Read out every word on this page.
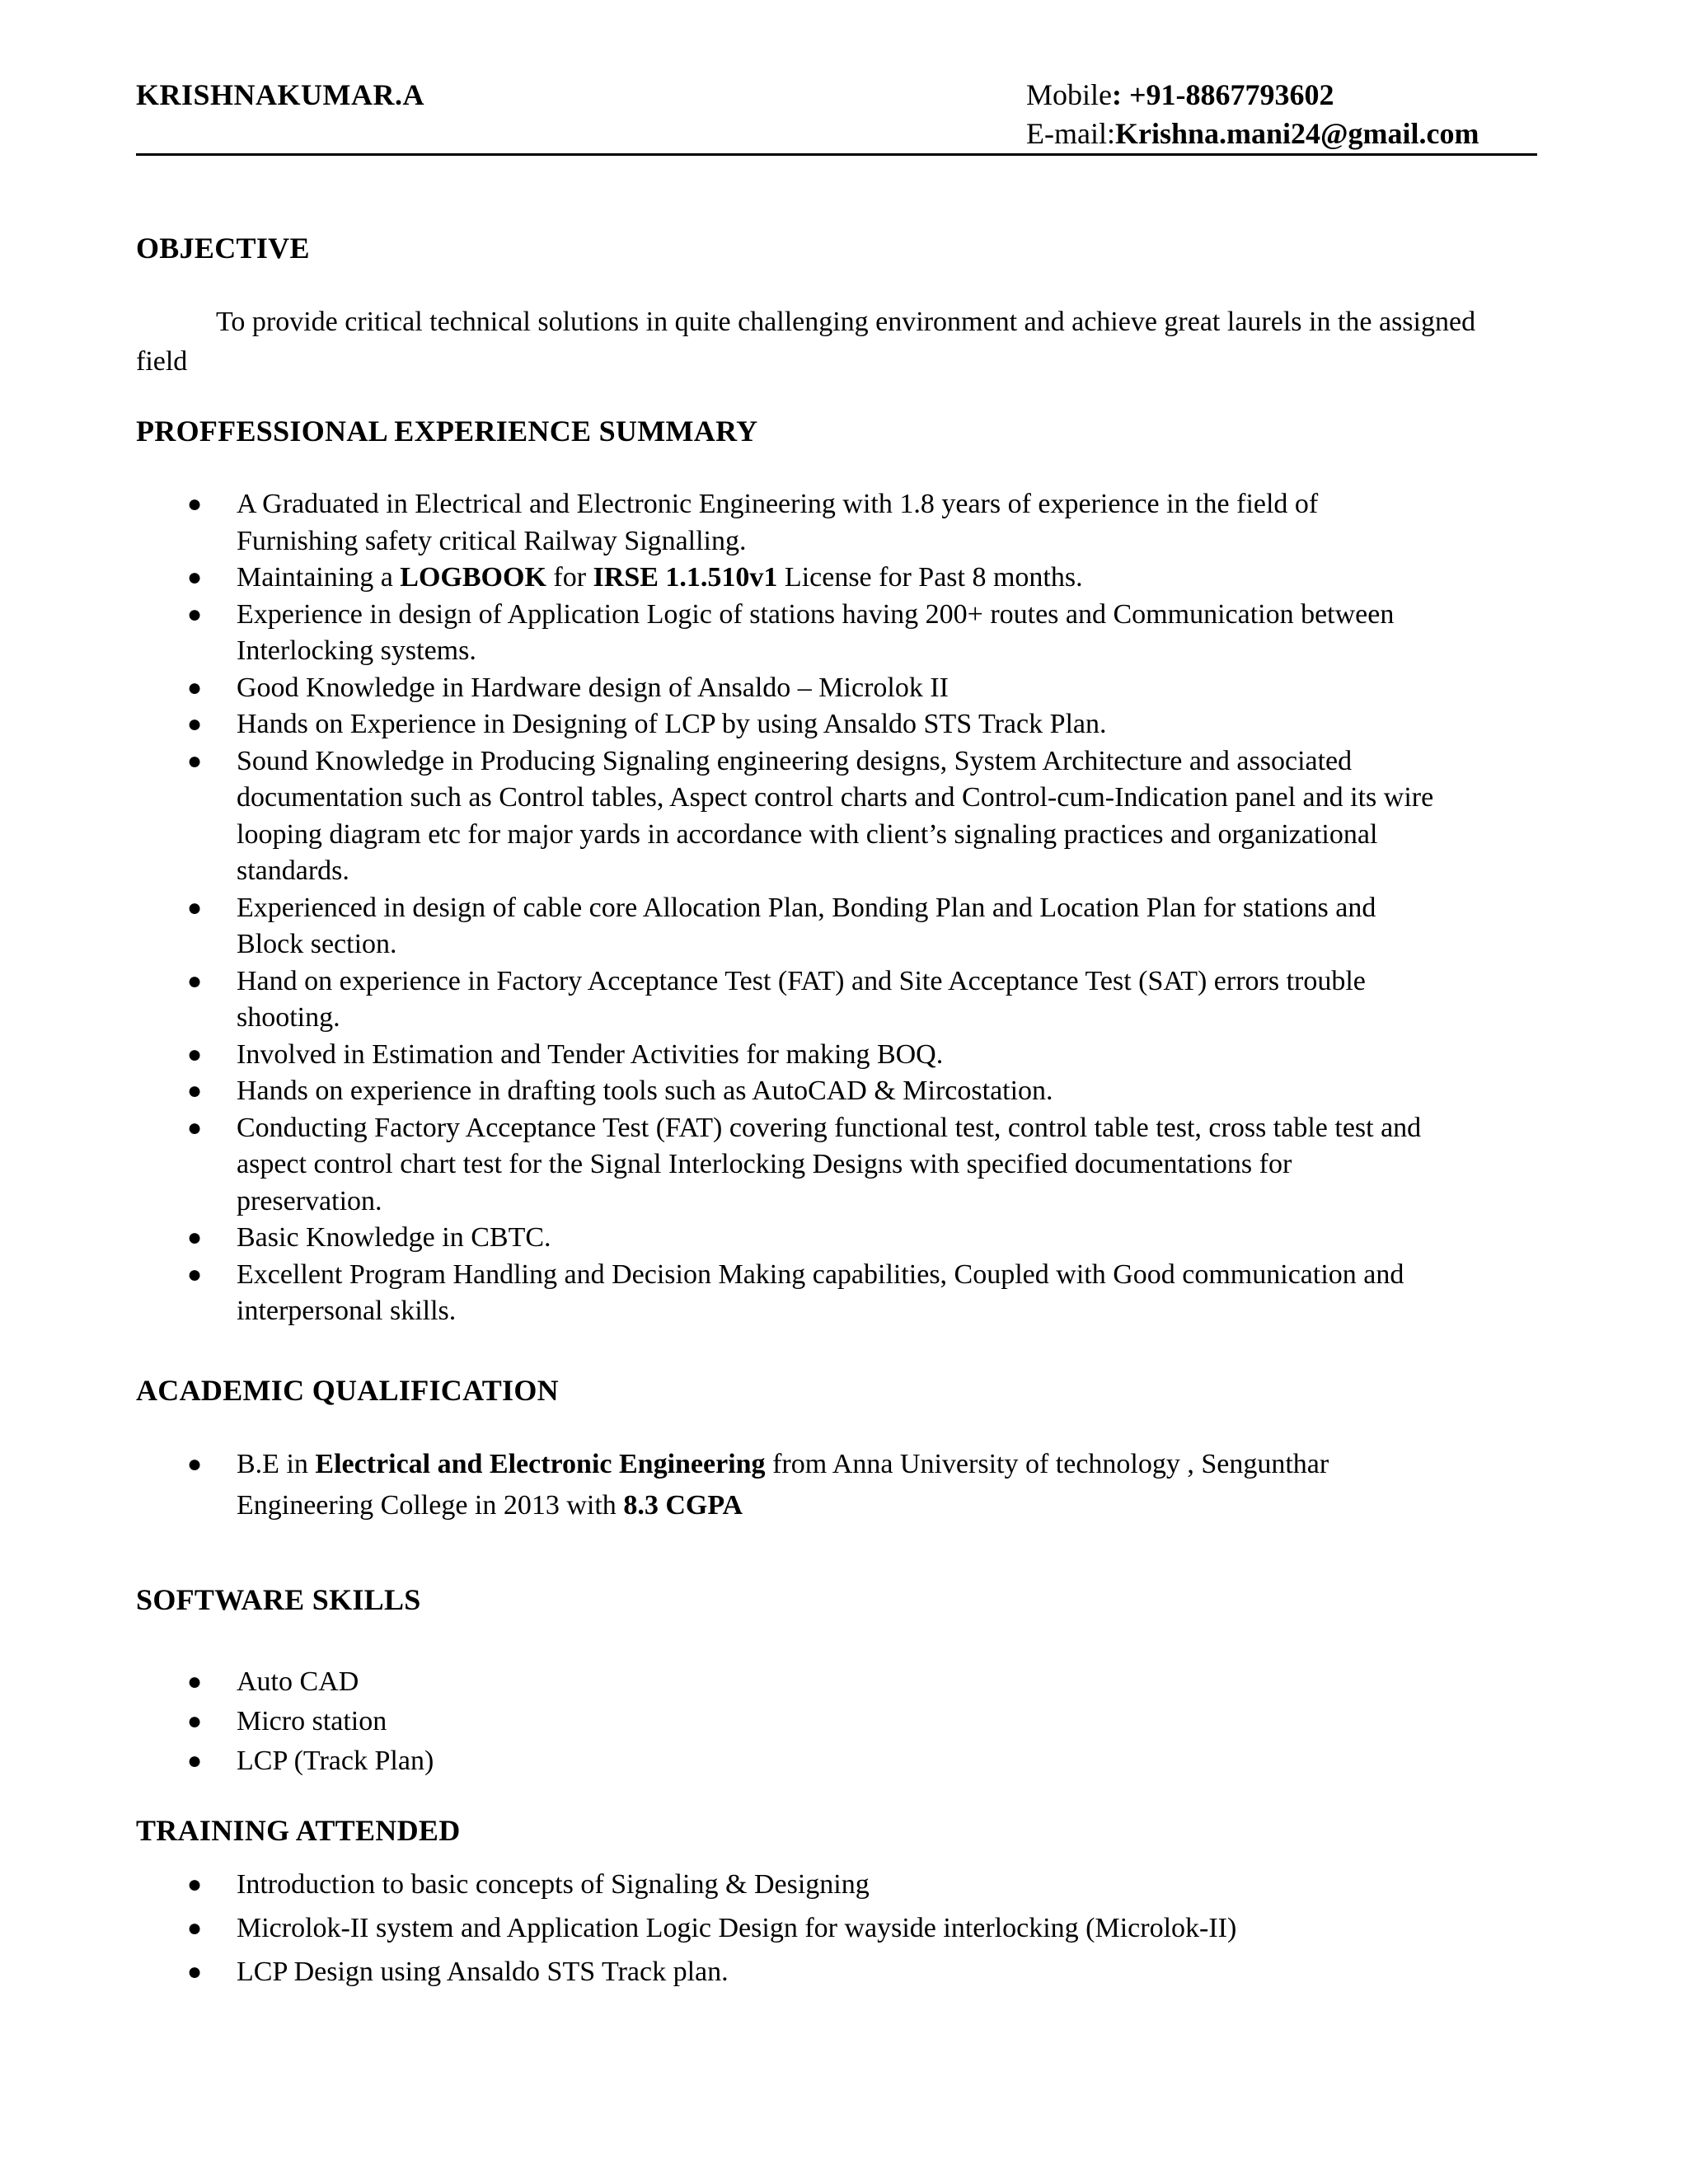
KRISHNAKUMAR.A	Mobile: +91-8867793602
E-mail:Krishna.mani24@gmail.com
OBJECTIVE
To provide critical technical solutions in quite challenging environment and achieve great laurels in the assigned field
PROFFESSIONAL EXPERIENCE SUMMARY
● A Graduated in Electrical and Electronic Engineering with 1.8 years of experience in the field of
Furnishing safety critical Railway Signalling.
● Maintaining a LOGBOOK for IRSE 1.1.510v1 License for Past 8 months.
● Experience in design of Application Logic of stations having 200+ routes and Communication between
Interlocking systems.
● Good Knowledge in Hardware design of Ansaldo – Microlok II
● Hands on Experience in Designing of LCP by using Ansaldo STS Track Plan.
● Sound Knowledge in Producing Signaling engineering designs, System Architecture and associated
documentation such as Control tables, Aspect control charts and Control-cum-Indication panel and its wire
looping diagram etc for major yards in accordance with client’s signaling practices and organizational
standards.
● Experienced in design of cable core Allocation Plan, Bonding Plan and Location Plan for stations and
Block section.
● Hand on experience in Factory Acceptance Test (FAT) and Site Acceptance Test (SAT) errors trouble
shooting.
● Involved in Estimation and Tender Activities for making BOQ.
● Hands on experience in drafting tools such as AutoCAD & Mircostation.
● Conducting Factory Acceptance Test (FAT) covering functional test, control table test, cross table test and
aspect control chart test for the Signal Interlocking Designs with specified documentations for
preservation.
● Basic Knowledge in CBTC.
● Excellent Program Handling and Decision Making capabilities, Coupled with Good communication and
interpersonal skills.
ACADEMIC QUALIFICATION
● B.E in Electrical and Electronic Engineering from Anna University of technology , Sengunthar
Engineering College in 2013 with 8.3 CGPA
SOFTWARE SKILLS
● Auto CAD
● Micro station
● LCP (Track Plan)
TRAINING ATTENDED
● Introduction to basic concepts of Signaling & Designing
● Microlok-II system and Application Logic Design for wayside interlocking (Microlok-II)
● LCP Design using Ansaldo STS Track plan.
